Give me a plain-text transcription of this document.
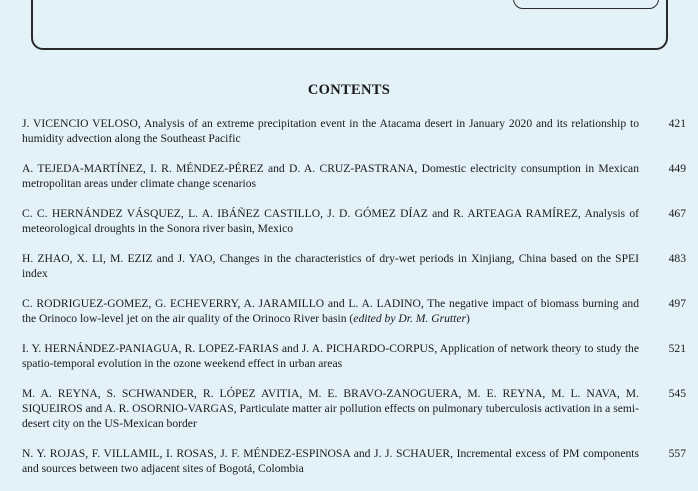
CONTENTS
J. VICENCIO VELOSO, Analysis of an extreme precipitation event in the Atacama desert in January 2020 and its relationship to humidity advection along the Southeast Pacific
421
A. TEJEDA-MARTÍNEZ, I. R. MÉNDEZ-PÉREZ and D. A. CRUZ-PASTRANA, Domestic electricity consumption in Mexican metropolitan areas under climate change scenarios
449
C. C. HERNÁNDEZ VÁSQUEZ, L. A. IBÁÑEZ CASTILLO, J. D. GÓMEZ DÍAZ and R. ARTEAGA RAMÍREZ, Analysis of meteorological droughts in the Sonora river basin, Mexico
467
H. ZHAO, X. LI, M. EZIZ and J. YAO, Changes in the characteristics of dry-wet periods in Xinjiang, China based on the SPEI index
483
C. RODRIGUEZ-GOMEZ, G. ECHEVERRY, A. JARAMILLO and L. A. LADINO, The negative impact of biomass burning and the Orinoco low-level jet on the air quality of the Orinoco River basin (edited by Dr. M. Grutter)
497
I. Y. HERNÁNDEZ-PANIAGUA, R. LOPEZ-FARIAS and J. A. PICHARDO-CORPUS, Application of network theory to study the spatio-temporal evolution in the ozone weekend effect in urban areas
521
M. A. REYNA, S. SCHWANDER, R. LÓPEZ AVITIA, M. E. BRAVO-ZANOGUERA, M. E. REYNA, M. L. NAVA, M. SIQUEIROS and A. R. OSORNIO-VARGAS, Particulate matter air pollution effects on pulmonary tuberculosis activation in a semi-desert city on the US-Mexican border
545
N. Y. ROJAS, F. VILLAMIL, I. ROSAS, J. F. MÉNDEZ-ESPINOSA and J. J. SCHAUER, Incremental excess of PM components and sources between two adjacent sites of Bogotá, Colombia
557
